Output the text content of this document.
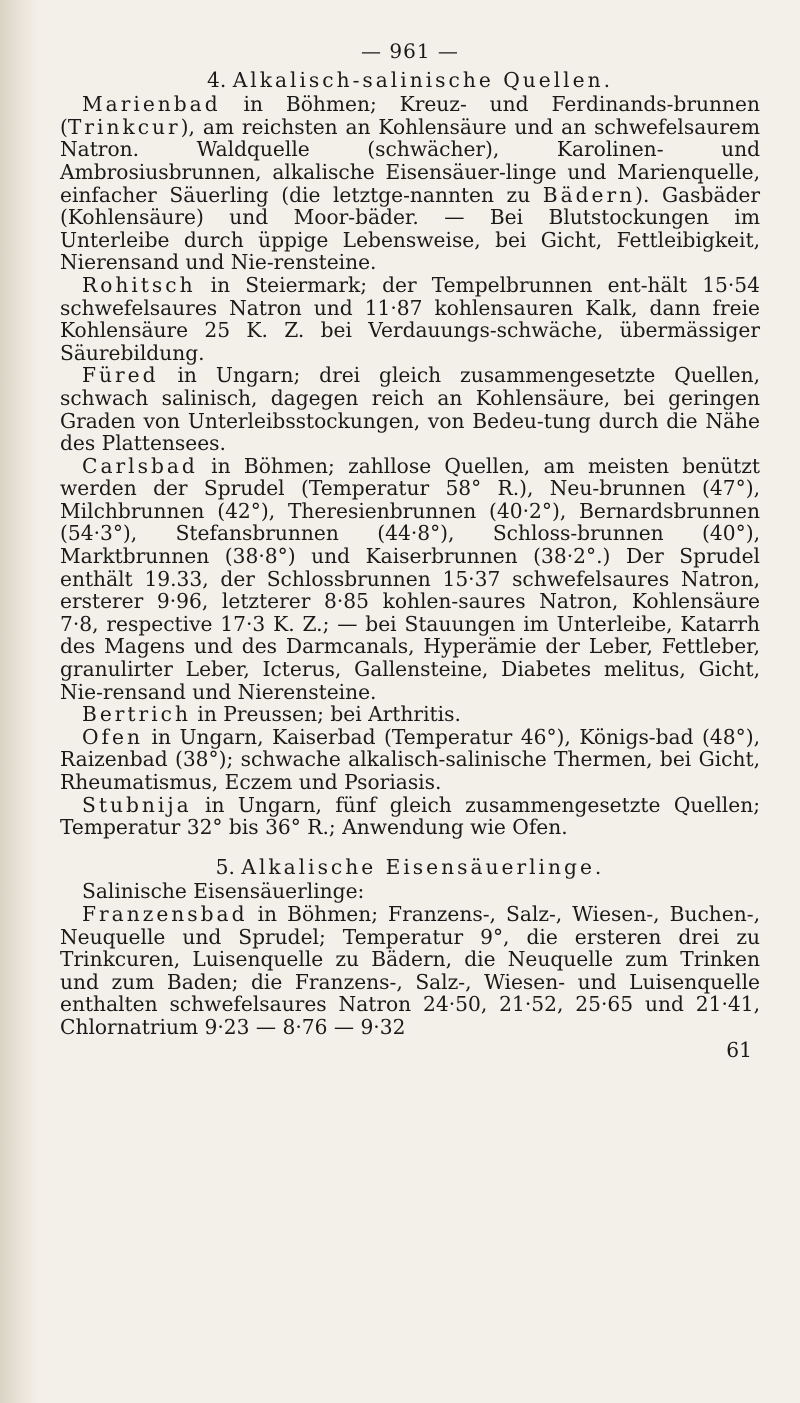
— 961 —
4. Alkalisch-salinische Quellen.

Marienbad in Böhmen; Kreuz- und Ferdinands-brunnen (Trinkcur), am reichsten an Kohlensäure und an schwefelsaurem Natron. Waldquelle (schwächer), Karolinen- und Ambrosiusbrunnen, alkalische Eisensäuer-linge und Marienquelle, einfacher Säuerling (die letztge-nannten zu Bädern). Gasbäder (Kohlensäure) und Moor-bäder. — Bei Blutstockungen im Unterleibe durch üppige Lebensweise, bei Gicht, Fettleibigkeit, Nierensand und Nie-rensteine.

Rohitsch in Steiermark; der Tempelbrunnen ent-hält 15·54 schwefelsaures Natron und 11·87 kohlensauren Kalk, dann freie Kohlensäure 25 K. Z. bei Verdauungs-schwäche, übermässiger Säurebildung.

Füred in Ungarn; drei gleich zusammengesetzte Quellen, schwach salinisch, dagegen reich an Kohlensäure, bei geringen Graden von Unterleibsstockungen, von Bedeu-tung durch die Nähe des Plattensees.

Carlsbad in Böhmen; zahllose Quellen, am meisten benützt werden der Sprudel (Temperatur 58° R.), Neu-brunnen (47°), Milchbrunnen (42°), Theresienbrunnen (40·2°), Bernardsbrunnen (54·3°), Stefansbrunnen (44·8°), Schloss-brunnen (40°), Marktbrunnen (38·8°) und Kaiserbrunnen (38·2°.) Der Sprudel enthält 19.33, der Schlossbrunnen 15·37 schwefelsaures Natron, ersterer 9·96, letzterer 8·85 kohlen-saures Natron, Kohlensäure 7·8, respective 17·3 K. Z.; — bei Stauungen im Unterleibe, Katarrh des Magens und des Darmcanals, Hyperämie der Leber, Fettleber, granulirter Leber, Icterus, Gallensteine, Diabetes melitus, Gicht, Nie-rensand und Nierensteine.

Bertrich in Preussen; bei Arthritis.

Ofen in Ungarn, Kaiserbad (Temperatur 46°), Königs-bad (48°), Raizenbad (38°); schwache alkalisch-salinische Thermen, bei Gicht, Rheumatismus, Eczem und Psoriasis.

Stubnija in Ungarn, fünf gleich zusammengesetzte Quellen; Temperatur 32° bis 36° R.; Anwendung wie Ofen.

5. Alkalische Eisensäuerlinge.

Salinische Eisensäuerlinge:

Franzensbad in Böhmen; Franzens-, Salz-, Wiesen-, Buchen-, Neuquelle und Sprudel; Temperatur 9°, die ersteren drei zu Trinkcuren, Luisenquelle zu Bädern, die Neuquelle zum Trinken und zum Baden; die Franzens-, Salz-, Wiesen- und Luisenquelle enthalten schwefelsaures Natron 24·50, 21·52, 25·65 und 21·41, Chlornatrium 9·23 — 8·76 — 9·32

61
